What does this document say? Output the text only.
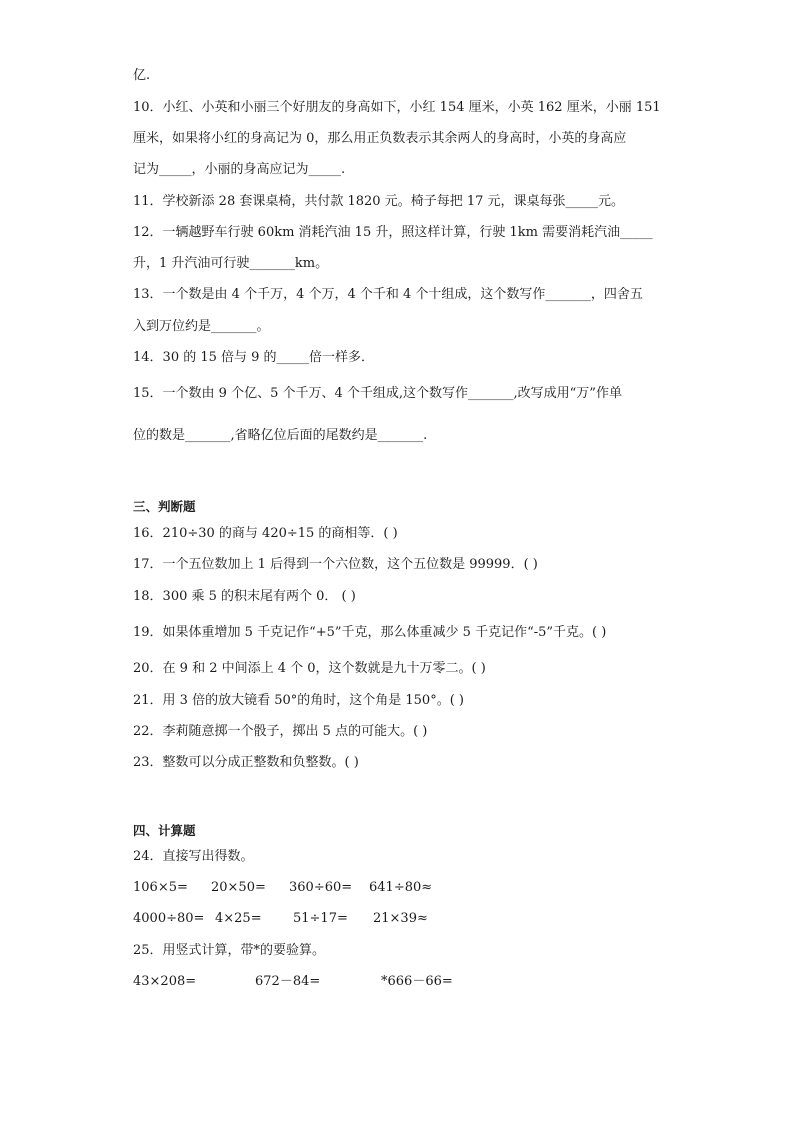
亿.
10．小红、小英和小丽三个好朋友的身高如下，小红 154 厘米，小英 162 厘米，小丽 151
厘米，如果将小红的身高记为 0，那么用正负数表示其余两人的身高时，小英的身高应
记为_____，小丽的身高应记为_____.
11．学校新添 28 套课桌椅，共付款 1820 元。椅子每把 17 元，课桌每张_____元。
12．一辆越野车行驶 60km 消耗汽油 15 升，照这样计算，行驶 1km 需要消耗汽油_____
升，1 升汽油可行驶_______km。
13．一个数是由 4 个千万，4 个万，4 个千和 4 个十组成，这个数写作_______，四舍五
入到万位约是_______。
14．30 的 15 倍与 9 的_____倍一样多．
15．一个数由 9 个亿、5 个千万、4 个千组成,这个数写作_______,改写成用“万”作单
位的数是_______,省略亿位后面的尾数约是_______.
三、判断题
16．210÷30 的商与 420÷15 的商相等．( )
17．一个五位数加上 1 后得到一个六位数，这个五位数是 99999．( )
18．300 乘 5 的积末尾有两个 0． ( )
19．如果体重增加 5 千克记作“+5”千克，那么体重减少 5 千克记作“-5”千克。( )
20．在 9 和 2 中间添上 4 个 0，这个数就是九十万零二。( )
21．用 3 倍的放大镜看 50°的角时，这个角是 150°。( )
22．李莉随意掷一个骰子，掷出 5 点的可能大。( )
23．整数可以分成正整数和负整数。( )
四、计算题
24．直接写出得数。
106×5= 20×50= 360÷60= 641÷80≈
4000÷80= 4×25= 51÷17= 21×39≈
25．用竖式计算，带*的要验算。
43×208=	672－84=	*666－66=
